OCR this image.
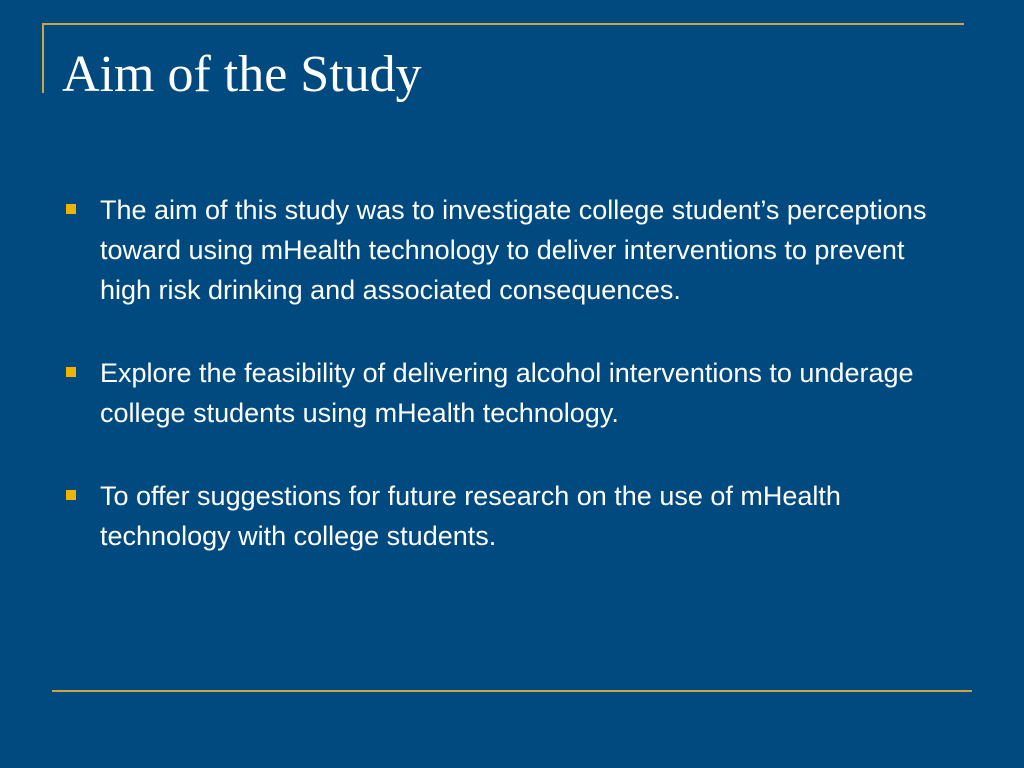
Aim of the Study
The aim of this study was to investigate college student’s perceptions toward using mHealth technology to deliver interventions to prevent high risk drinking and associated consequences.
Explore the feasibility of delivering alcohol interventions to underage college students using mHealth technology.
To offer suggestions for future research on the use of mHealth technology with college students.
